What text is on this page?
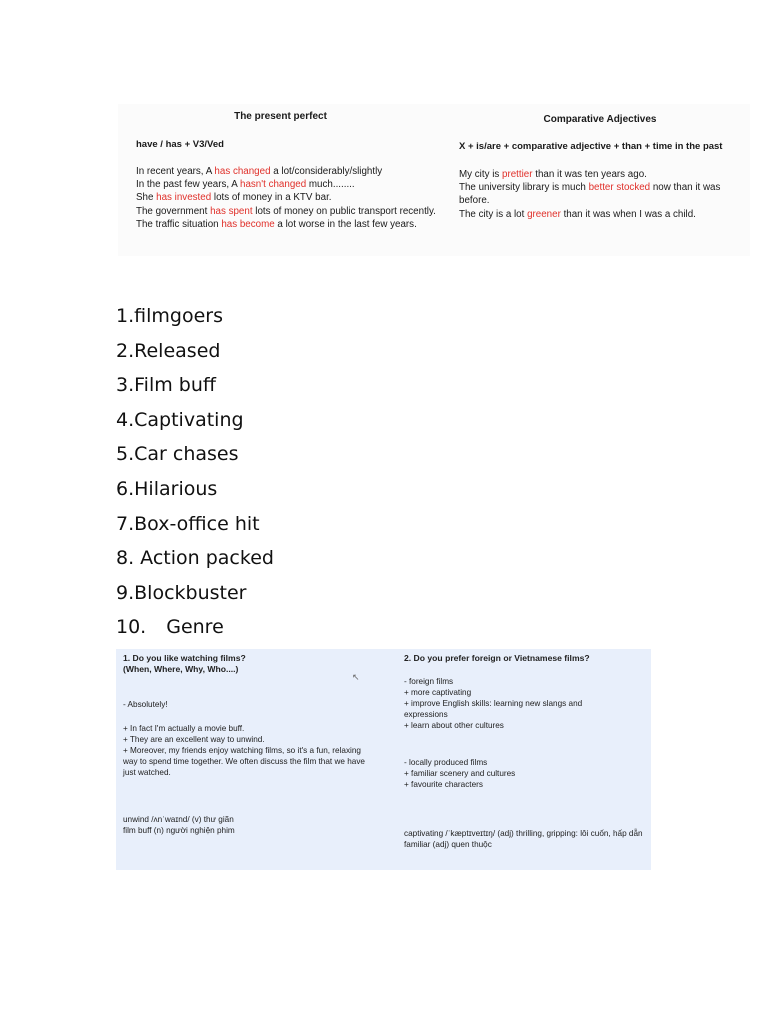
The present perfect
have / has + V3/Ved
In recent years, A has changed a lot/considerably/slightly
In the past few years, A hasn't changed much........
She has invested lots of money in a KTV bar.
The government has spent lots of money on public transport recently.
The traffic situation has become a lot worse in the last few years.
Comparative Adjectives
X + is/are + comparative adjective + than + time in the past
My city is prettier than it was ten years ago.
The university library is much better stocked now than it was before.
The city is a lot greener than it was when I was a child.
1.filmgoers
2.Released
3.Film buff
4.Captivating
5.Car chases
6.Hilarious
7.Box-office hit
8. Action packed
9.Blockbuster
10. Genre
1. Do you like watching films?
(When, Where, Why, Who....)
- Absolutely!
+ In fact I'm actually a movie buff.
+ They are an excellent way to unwind.
+ Moreover, my friends enjoy watching films, so it's a fun, relaxing way to spend time together. We often discuss the film that we have just watched.
unwind /ʌnˈwaɪnd/ (v) thư giãn
film buff (n) người nghiện phim
↖
2. Do you prefer foreign or Vietnamese films?
- foreign films
+ more captivating
+ improve English skills: learning new slangs and expressions
+ learn about other cultures
- locally produced films
+ familiar scenery and cultures
+ favourite characters
captivating /ˈkæptɪveɪtɪŋ/ (adj) thrilling, gripping: lôi cuốn, hấp dẫn
familiar (adj) quen thuộc
